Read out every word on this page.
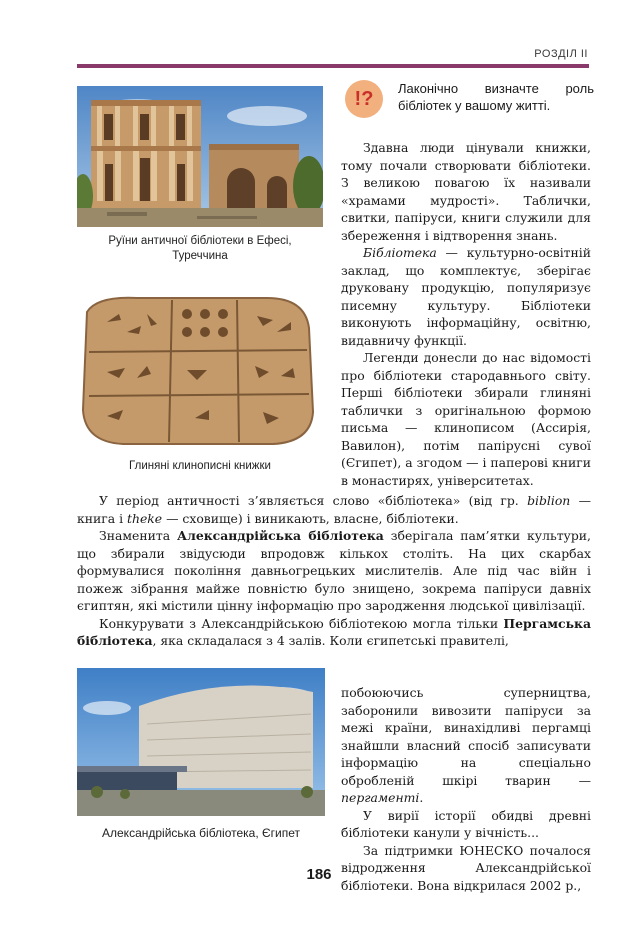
РОЗДІЛ ІІ
Руїни античної бібліотеки в Ефесі, Туреччина
Глиняні клинописні книжки
Александрійська бібліотека, Єгипет
!?	Лаконічно визначте роль бібліотек у вашому житті.

Здавна люди цінували книжки, тому почали створювати бібліотеки. З великою повагою їх називали «храмами мудрості». Таблички, свитки, папіруси, книги служили для збереження і відтворення знань.

Бібліотека — культурно-освітній заклад, що комплектує, зберігає друковану продукцію, популяризує писемну культуру. Бібліотеки виконують інформаційну, освітню, видавничу функції.

Легенди донесли до нас відомості про бібліотеки стародавнього світу. Перші бібліотеки збирали глиняні таблички з оригінальною формою письма — клинописом (Ассирія, Вавилон), потім папірусні сувої (Єгипет), а згодом — і паперові книги в монастирях, університетах.

У період античності з’являється слово «бібліотека» (від гр. biblion — книга і theke — сховище) і виникають, власне, бібліотеки.

Знаменита Александрійська бібліотека зберігала пам’ятки культури, що збирали звідусюди впродовж кількох століть. На цих скарбах формувалися покоління давньогрецьких мислителів. Але під час війн і пожеж зібрання майже повністю було знищено, зокрема папіруси давніх єгиптян, які містили цінну інформацію про зародження людської цивілізації.

Конкурувати з Александрійською бібліотекою могла тільки Пергамська бібліотека, яка складалася з 4 залів. Коли єгипетські правителі,

побоюючись суперництва, заборонили вивозити папіруси за межі країни, винахідливі пергамці знайшли власний спосіб записувати інформацію на спеціально обробленій шкірі тварин — пергаменті.

У вирії історії обидві древні бібліотеки канули у вічність...

За підтримки ЮНЕСКО почалося відродження Александрійської бібліотеки. Вона відкрилася 2002 р.,

186
